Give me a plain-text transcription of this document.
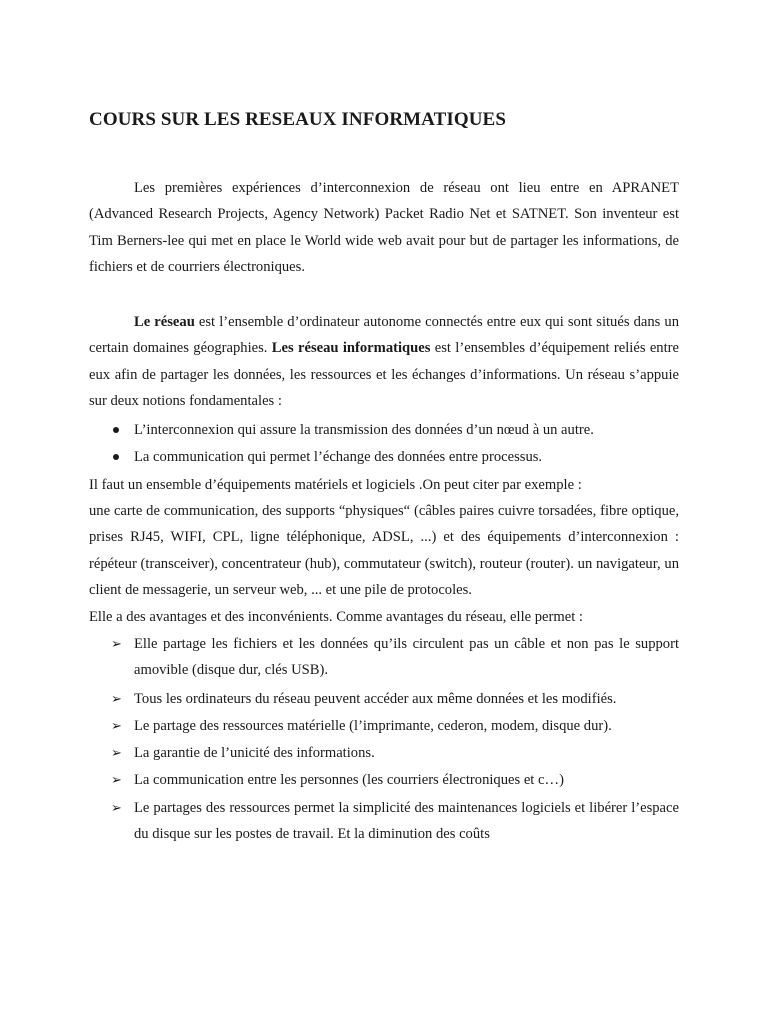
COURS SUR LES RESEAUX INFORMATIQUES

Les premières expériences d’interconnexion de réseau ont lieu entre en APRANET (Advanced Research Projects, Agency Network) Packet Radio Net et SATNET. Son inventeur est Tim Berners-lee qui met en place le World wide web avait pour but de partager les informations, de fichiers et de courriers électroniques.

Le réseau est l’ensemble d’ordinateur autonome connectés entre eux qui sont situés dans un certain domaines géographies. Les réseau informatiques est l’ensembles d’équipement reliés entre eux afin de partager les données, les ressources et les échanges d’informations. Un réseau s’appuie sur deux notions fondamentales :

L’interconnexion qui assure la transmission des données d’un nœud à un autre.
La communication qui permet l’échange des données entre processus.
Il faut un ensemble d’équipements matériels et logiciels .On peut citer par exemple :

une carte de communication, des supports “physiques“ (câbles paires cuivre torsadées, fibre optique, prises RJ45, WIFI, CPL, ligne téléphonique, ADSL, ...) et des équipements d’interconnexion : répéteur (transceiver), concentrateur (hub), commutateur (switch), routeur (router). un navigateur, un client de messagerie, un serveur web, ... et une pile de protocoles.

Elle a des avantages et des inconvénients. Comme avantages du réseau, elle permet :
➢ Elle partage les fichiers et les données qu’ils circulent pas un câble et non pas le support amovible (disque dur, clés USB).
➢ Tous les ordinateurs du réseau peuvent accéder aux même données et les modifiés.
➢ Le partage des ressources matérielle (l’imprimante, cederon, modem, disque dur).
➢ La garantie de l’unicité des informations.
➢ La communication entre les personnes (les courriers électroniques et c…)
➢ Le partages des ressources permet la simplicité des maintenances logiciels et libérer l’espace du disque sur les postes de travail. Et la diminution des coûts
